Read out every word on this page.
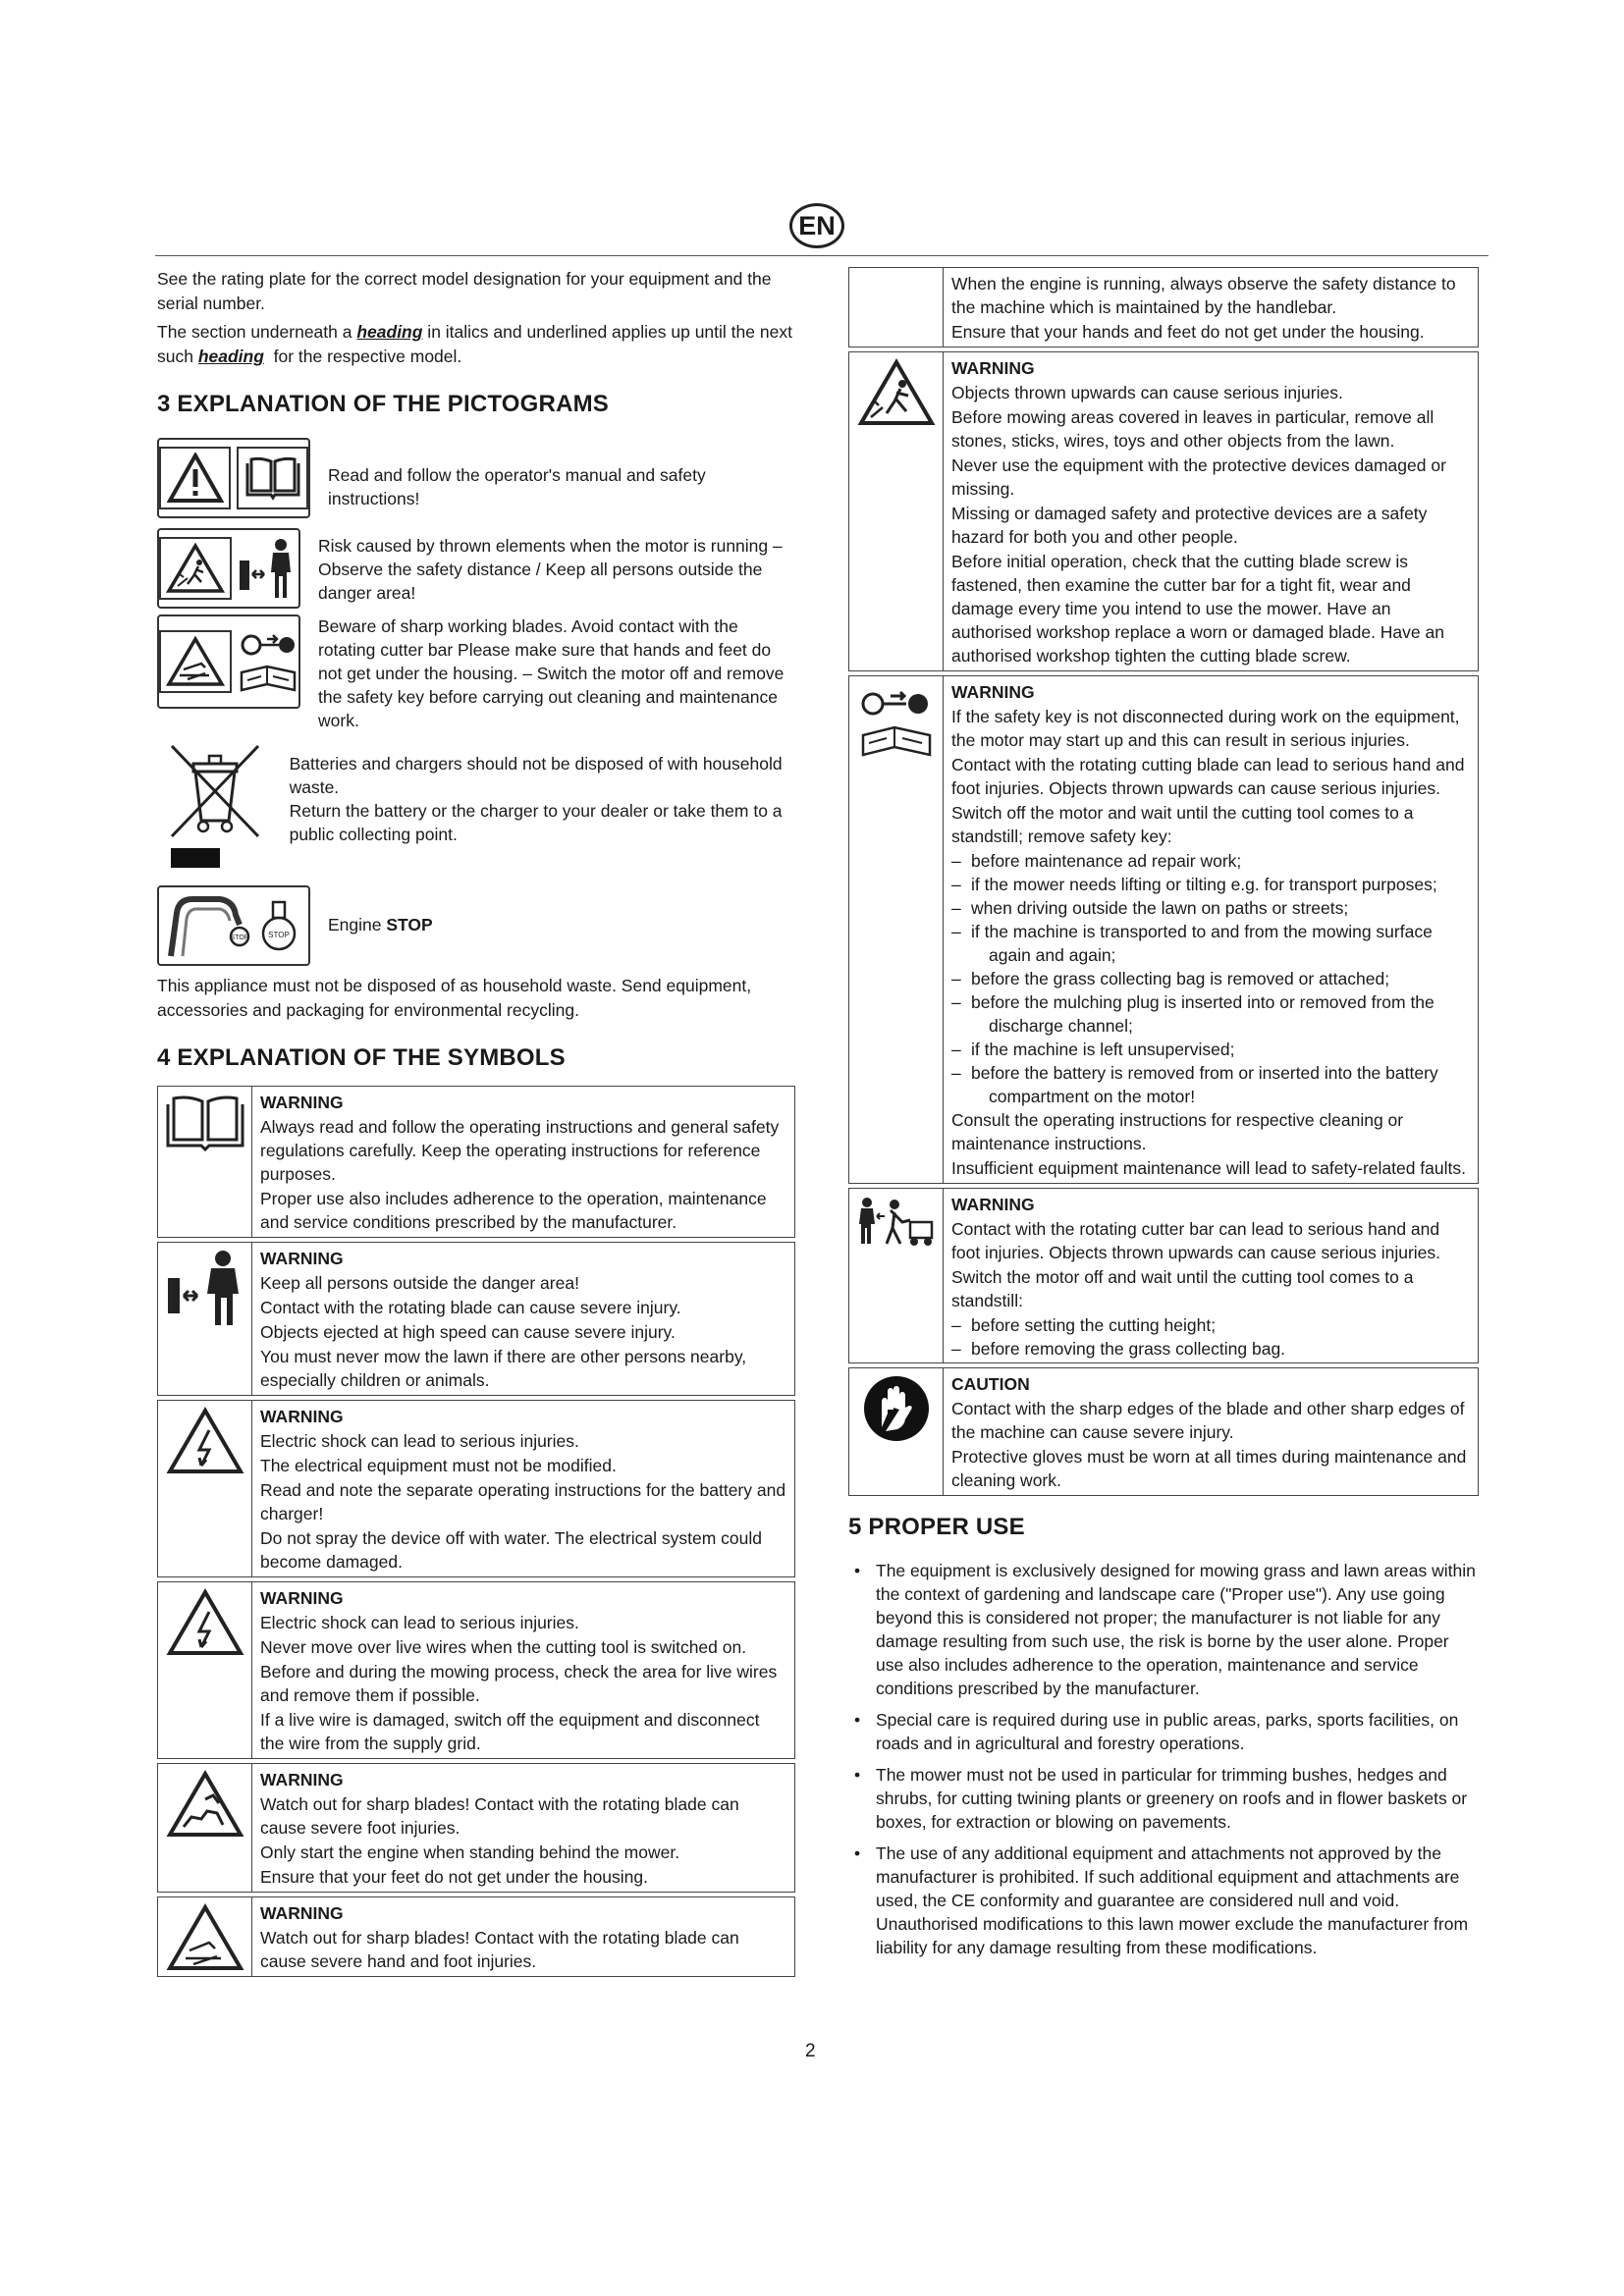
EN

See the rating plate for the correct model designation for your equipment and the serial number.

The section underneath a heading in italics and underlined applies up until the next
such heading  for the respective model.

3 EXPLANATION OF THE PICTOGRAMS
Read and follow the operator's manual and safety instructions!
Risk caused by thrown elements when the motor is running – Observe the safety distance / Keep all persons outside the danger area!
Beware of sharp working blades. Avoid contact with the rotating cutter bar Please make sure that hands and feet do not get under the housing. – Switch the motor off and remove the safety key before carrying out cleaning and maintenance work.

Batteries and chargers should not be disposed of with household waste.

Return the battery or the charger to your dealer or take them to a public collecting point.

STOP STOP
Engine STOP

This appliance must not be disposed of as household waste. Send equipment, accessories and packaging for environmental recycling.

4 EXPLANATION OF THE SYMBOLS

WARNING

Always read and follow the operating instructions and general safety regulations carefully. Keep the operating instructions for reference purposes.

Proper use also includes adherence to the operation, maintenance and service conditions prescribed by the manufacturer.

WARNING

Keep all persons outside the danger area!

Contact with the rotating blade can cause severe injury.

Objects ejected at high speed can cause severe injury.

You must never mow the lawn if there are other persons nearby, especially children or animals.

WARNING

Electric shock can lead to serious injuries.

The electrical equipment must not be modified.

Read and note the separate operating instructions for the battery and charger!

Do not spray the device off with water. The electrical system could become damaged.

WARNING

Electric shock can lead to serious injuries.

Never move over live wires when the cutting tool is switched on.

Before and during the mowing process, check the area for live wires and remove them if possible.

If a live wire is damaged, switch off the equipment and disconnect the wire from the supply grid.

WARNING

Watch out for sharp blades! Contact with the rotating blade can cause severe foot injuries.

Only start the engine when standing behind the mower.

Ensure that your feet do not get under the housing.

WARNING

Watch out for sharp blades! Contact with the rotating blade can cause severe hand and foot injuries.

When the engine is running, always observe the safety distance to the machine which is maintained by the handlebar.

Ensure that your hands and feet do not get under the housing.

WARNING

Objects thrown upwards can cause serious injuries.

Before mowing areas covered in leaves in particular, remove all stones, sticks, wires, toys and other objects from the lawn.

Never use the equipment with the protective devices damaged or missing.

Missing or damaged safety and protective devices are a safety hazard for both you and other people.

Before initial operation, check that the cutting blade screw is fastened, then examine the cutter bar for a tight fit, wear and damage every time you intend to use the mower. Have an authorised workshop replace a worn or damaged blade. Have an authorised workshop tighten the cutting blade screw.

WARNING

If the safety key is not disconnected during work on the equipment, the motor may start up and this can result in serious injuries.

Contact with the rotating cutting blade can lead to serious hand and foot injuries. Objects thrown upwards can cause serious injuries.

Switch off the motor and wait until the cutting tool comes to a standstill; remove safety key:

– before maintenance ad repair work;
– if the mower needs lifting or tilting e.g. for transport purposes;
– when driving outside the lawn on paths or streets;
– if the machine is transported to and from the mowing surface
again and again;
– before the grass collecting bag is removed or attached;
– before the mulching plug is inserted into or removed from the
discharge channel;
– if the machine is left unsupervised;
– before the battery is removed from or inserted into the battery
compartment on the motor!

Consult the operating instructions for respective cleaning or maintenance instructions.

Insufficient equipment maintenance will lead to safety-related faults.

WARNING

Contact with the rotating cutter bar can lead to serious hand and foot injuries. Objects thrown upwards can cause serious injuries.

Switch the motor off and wait until the cutting tool comes to a standstill:

– before setting the cutting height;
– before removing the grass collecting bag.

CAUTION

Contact with the sharp edges of the blade and other sharp edges of the machine can cause severe injury.

Protective gloves must be worn at all times during maintenance and cleaning work.

5 PROPER USE
• The equipment is exclusively designed for mowing grass and lawn areas within the context of gardening and landscape care ("Proper use"). Any use going beyond this is considered not proper; the manufacturer is not liable for any damage resulting from such use, the risk is borne by the user alone. Proper use also includes adherence to the operation, maintenance and service conditions prescribed by the manufacturer.
• Special care is required during use in public areas, parks, sports facilities, on roads and in agricultural and forestry operations.
• The mower must not be used in particular for trimming bushes, hedges and shrubs, for cutting twining plants or greenery on roofs and in flower baskets or boxes, for extraction or blowing on pavements.
• The use of any additional equipment and attachments not approved by the manufacturer is prohibited. If such additional equipment and attachments are used, the CE conformity and guarantee are considered null and void. Unauthorised modifications to this lawn mower exclude the manufacturer from liability for any damage resulting from these modifications.
2
